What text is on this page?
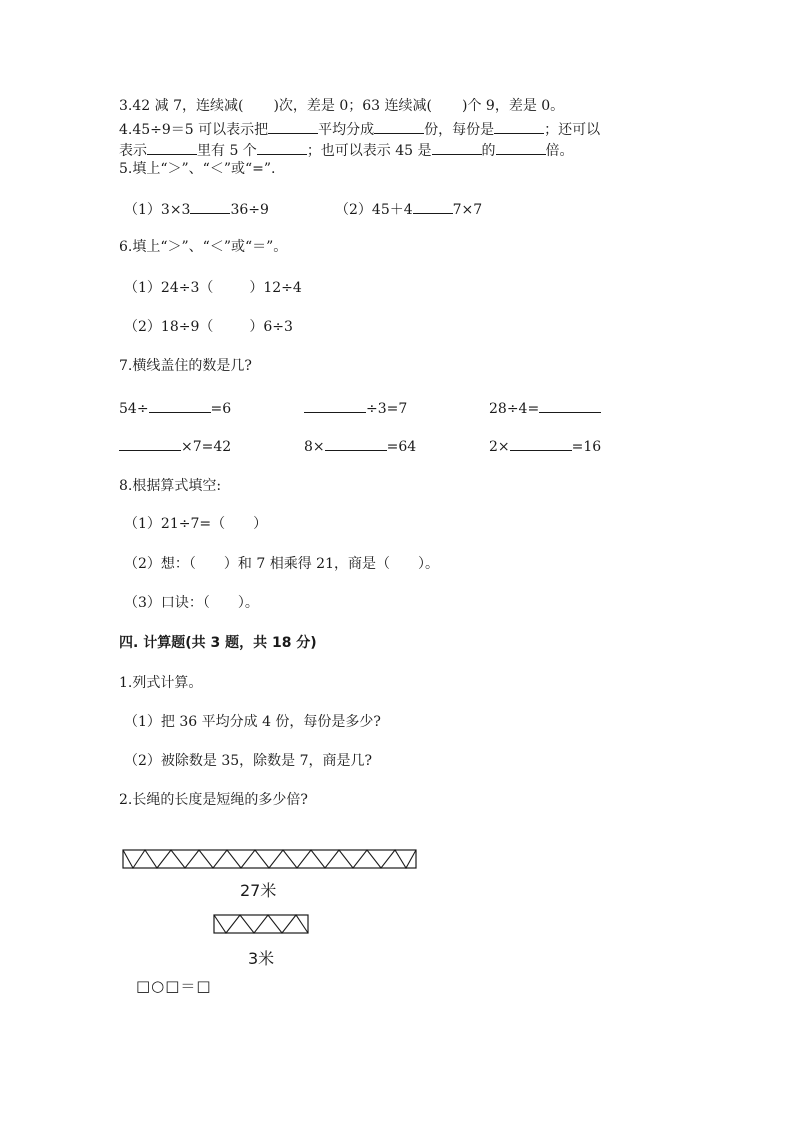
3.42 减 7，连续减( )次，差是 0；63 连续减( )个 9，差是 0。
4.45÷9＝5 可以表示把	平均分成	份，每份是	；还可以
表示	里有 5 个	；也可以表示 45 是	的	倍。
5.填上“＞”、“＜”或“=”.
（1）3×3	36÷9	（2）45＋4	7×7
6.填上“＞”、“＜”或“＝”。
（1）24÷3（	）12÷4
（2）18÷9（	）6÷3
7.横线盖住的数是几?
54÷	=6	÷3=7	28÷4=
×7=42	8×	=64	2×	=16
8.根据算式填空:
（1）21÷7=（　　）
（2）想：（　　）和 7 相乘得 21，商是（　　）。
（3）口诀：（　　）。
四. 计算题(共 3 题，共 18 分)
1.列式计算。
（1）把 36 平均分成 4 份，每份是多少?
（2）被除数是 35，除数是 7，商是几?
2.长绳的长度是短绳的多少倍?
27米
3米
□○□＝□
